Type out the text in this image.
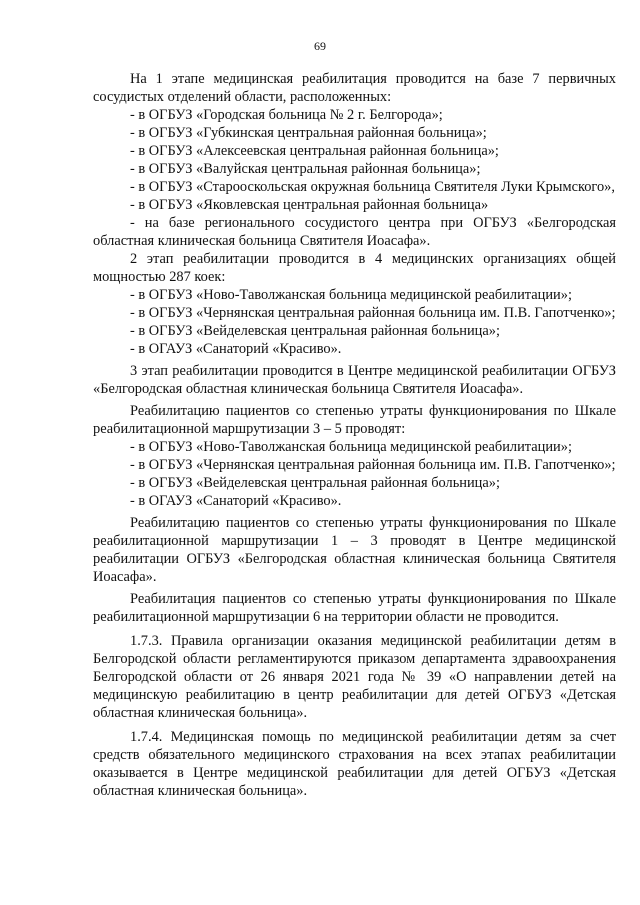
69

На 1 этапе медицинская реабилитация проводится на базе 7 первичных сосудистых отделений области, расположенных:

- в ОГБУЗ «Городская больница № 2 г. Белгорода»;

- в ОГБУЗ «Губкинская центральная районная больница»;

- в ОГБУЗ «Алексеевская центральная районная больница»;

- в ОГБУЗ «Валуйская центральная районная больница»;

- в ОГБУЗ «Старооскольская окружная больница Святителя Луки Крымского»,

- в ОГБУЗ «Яковлевская центральная районная больница»

- на базе регионального сосудистого центра при ОГБУЗ «Белгородская областная клиническая больница Святителя Иоасафа».

2 этап реабилитации проводится в 4 медицинских организациях общей мощностью 287 коек:

- в ОГБУЗ «Ново-Таволжанская больница медицинской реабилитации»;

- в ОГБУЗ «Чернянская центральная районная больница им. П.В. Гапотченко»;

- в ОГБУЗ «Вейделевская центральная районная больница»;

- в ОГАУЗ «Санаторий «Красиво».

3 этап реабилитации проводится в Центре медицинской реабилитации ОГБУЗ «Белгородская областная клиническая больница Святителя Иоасафа».

Реабилитацию пациентов со степенью утраты функционирования по Шкале реабилитационной маршрутизации 3 – 5 проводят:

- в ОГБУЗ «Ново-Таволжанская больница медицинской реабилитации»;

- в ОГБУЗ «Чернянская центральная районная больница им. П.В. Гапотченко»;

- в ОГБУЗ «Вейделевская центральная районная больница»;

- в ОГАУЗ «Санаторий «Красиво».

Реабилитацию пациентов со степенью утраты функционирования по Шкале реабилитационной маршрутизации 1 – 3 проводят в Центре медицинской реабилитации ОГБУЗ «Белгородская областная клиническая больница Святителя Иоасафа».

Реабилитация пациентов со степенью утраты функционирования по Шкале реабилитационной маршрутизации 6 на территории области не проводится.

1.7.3. Правила организации оказания медицинской реабилитации детям в Белгородской области регламентируются приказом департамента здравоохранения Белгородской области от 26 января 2021 года № 39 «О направлении детей на медицинскую реабилитацию в центр реабилитации для детей ОГБУЗ «Детская областная клиническая больница».

1.7.4. Медицинская помощь по медицинской реабилитации детям за счет средств обязательного медицинского страхования на всех этапах реабилитации оказывается в Центре медицинской реабилитации для детей ОГБУЗ «Детская областная клиническая больница».
